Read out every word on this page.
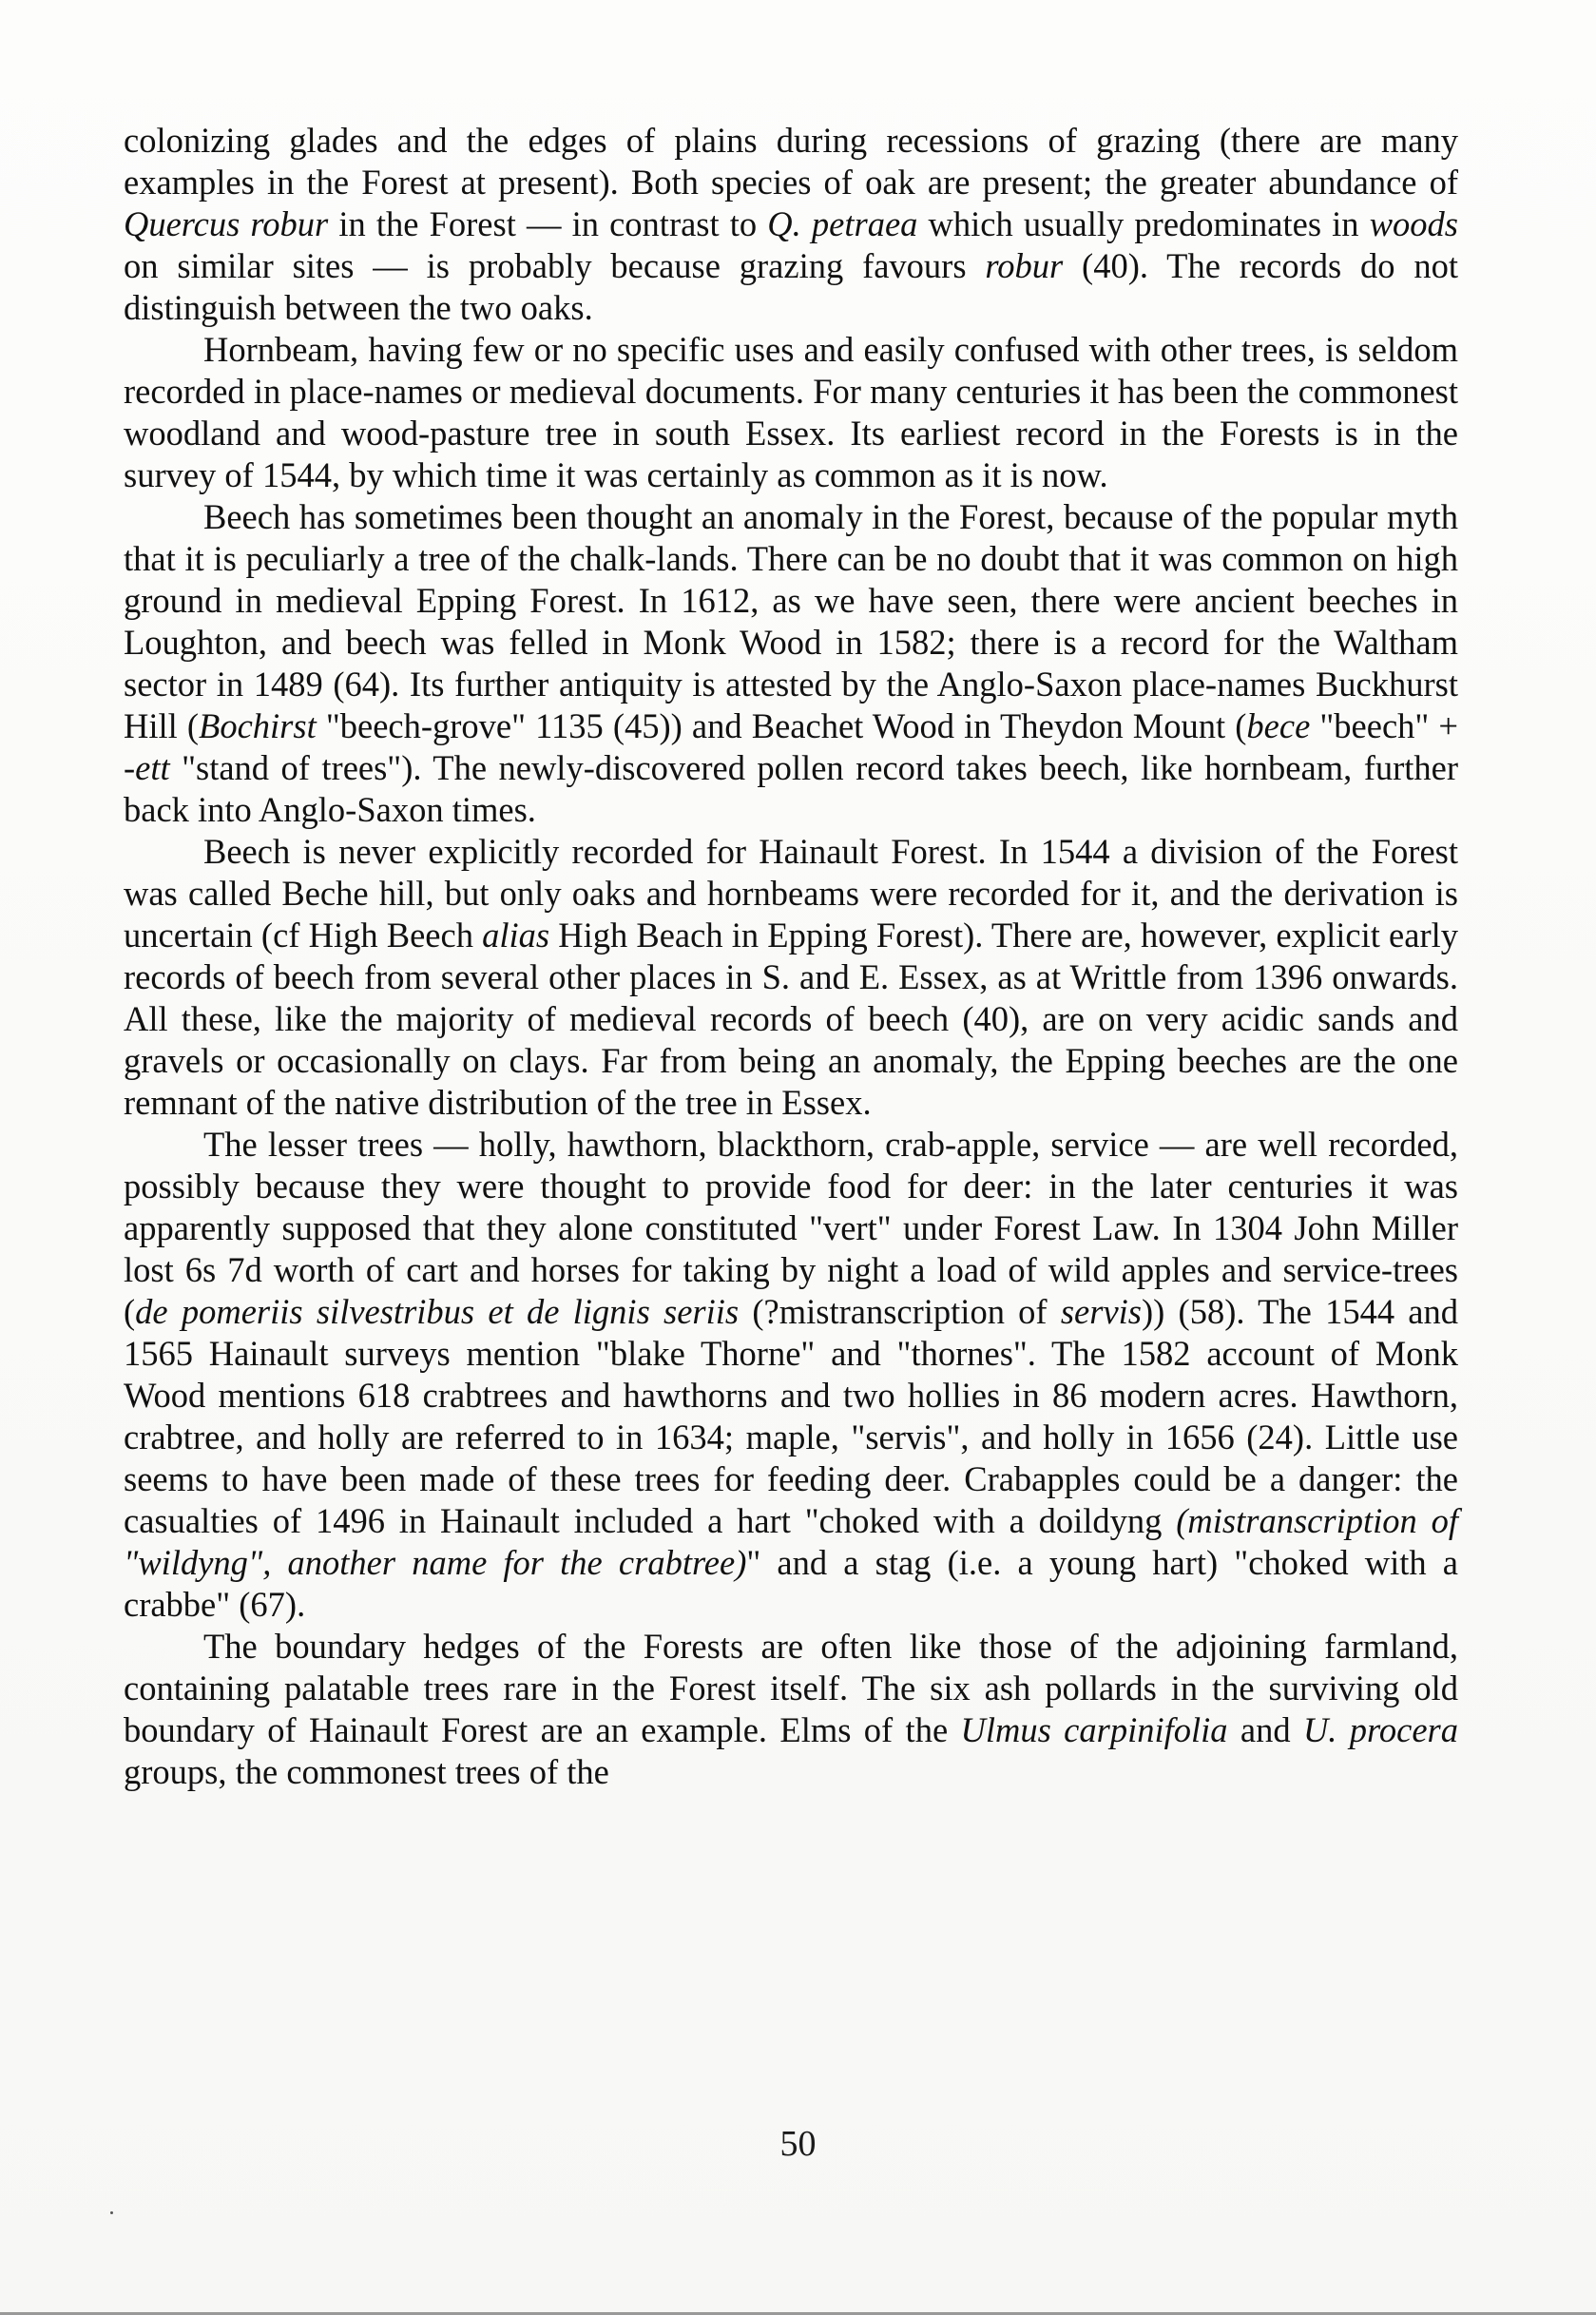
colonizing glades and the edges of plains during recessions of grazing (there are many examples in the Forest at present). Both species of oak are present; the greater abundance of Quercus robur in the Forest — in contrast to Q. petraea which usually predominates in woods on similar sites — is probably because grazing favours robur (40). The records do not distinguish between the two oaks.

Hornbeam, having few or no specific uses and easily confused with other trees, is seldom recorded in place-names or medieval documents. For many centuries it has been the commonest woodland and wood-pasture tree in south Essex. Its earliest record in the Forests is in the survey of 1544, by which time it was certainly as common as it is now.

Beech has sometimes been thought an anomaly in the Forest, because of the popular myth that it is peculiarly a tree of the chalk-lands. There can be no doubt that it was common on high ground in medieval Epping Forest. In 1612, as we have seen, there were ancient beeches in Loughton, and beech was felled in Monk Wood in 1582; there is a record for the Waltham sector in 1489 (64). Its further antiquity is attested by the Anglo-Saxon place-names Buckhurst Hill (Bochirst "beech-grove" 1135 (45)) and Beachet Wood in Theydon Mount (bece "beech" + -ett "stand of trees"). The newly-discovered pollen record takes beech, like hornbeam, further back into Anglo-Saxon times.

Beech is never explicitly recorded for Hainault Forest. In 1544 a division of the Forest was called Beche hill, but only oaks and hornbeams were recorded for it, and the derivation is uncertain (cf High Beech alias High Beach in Epping Forest). There are, however, explicit early records of beech from several other places in S. and E. Essex, as at Writtle from 1396 onwards. All these, like the majority of medieval records of beech (40), are on very acidic sands and gravels or occasionally on clays. Far from being an anomaly, the Epping beeches are the one remnant of the native distribution of the tree in Essex.

The lesser trees — holly, hawthorn, blackthorn, crab-apple, service — are well recorded, possibly because they were thought to provide food for deer: in the later centuries it was apparently supposed that they alone constituted "vert" under Forest Law. In 1304 John Miller lost 6s 7d worth of cart and horses for taking by night a load of wild apples and service-trees (de pomeriis silvestribus et de lignis seriis (?mistranscription of servis)) (58). The 1544 and 1565 Hainault surveys mention "blake Thorne" and "thornes". The 1582 account of Monk Wood mentions 618 crabtrees and hawthorns and two hollies in 86 modern acres. Hawthorn, crabtree, and holly are referred to in 1634; maple, "servis", and holly in 1656 (24). Little use seems to have been made of these trees for feeding deer. Crabapples could be a danger: the casualties of 1496 in Hainault included a hart "choked with a doildyng (mistranscription of "wildyng", another name for the crabtree)" and a stag (i.e. a young hart) "choked with a crabbe" (67).

The boundary hedges of the Forests are often like those of the adjoining farmland, containing palatable trees rare in the Forest itself. The six ash pollards in the surviving old boundary of Hainault Forest are an example. Elms of the Ulmus carpinifolia and U. procera groups, the commonest trees of the

50
